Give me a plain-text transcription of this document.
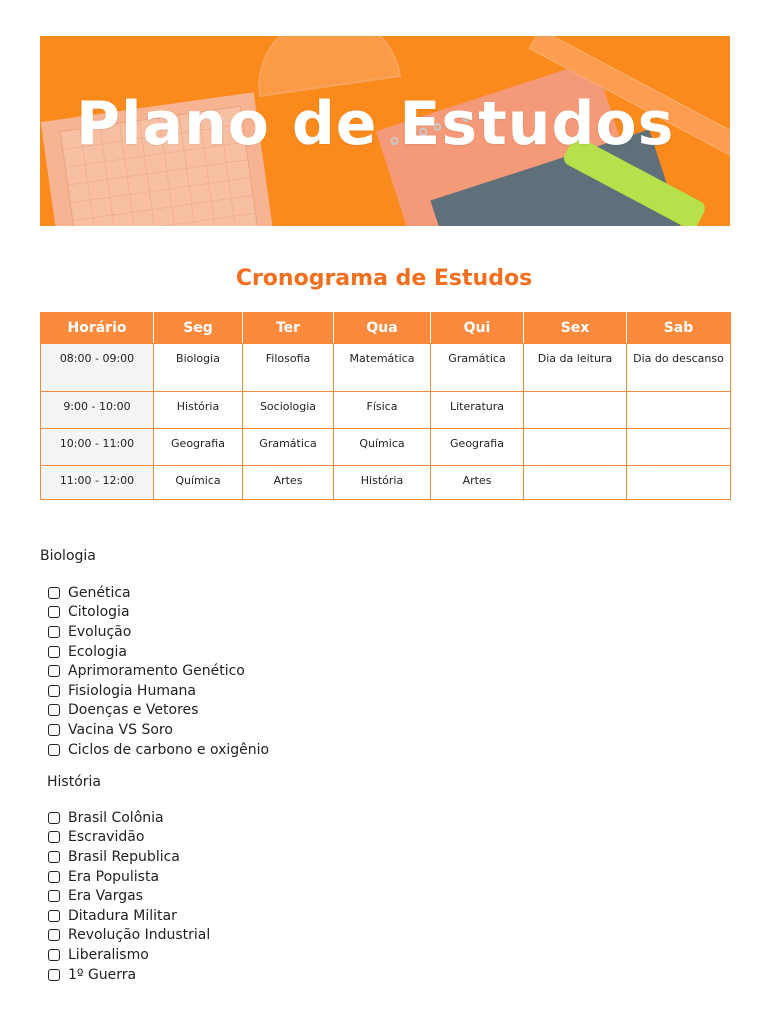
Plano de Estudos
Cronograma de Estudos
Horário	Seg	Ter	Qua	Qui	Sex	Sab
08:00 - 09:00	Biologia	Filosofia	Matemática	Gramática	Dia da leitura	Dia do descanso
9:00 - 10:00	História	Sociologia	Física	Literatura		
10:00 - 11:00	Geografia	Gramática	Química	Geografia		
11:00 - 12:00	Química	Artes	História	Artes		

Biologia

Genética
Citologia
Evolução
Ecologia
Aprimoramento Genético
Fisiologia Humana
Doenças e Vetores
Vacina VS Soro
Ciclos de carbono e oxigênio

História

Brasil Colônia
Escravidão
Brasil Republica
Era Populista
Era Vargas
Ditadura Militar
Revolução Industrial
Liberalismo
1º Guerra
